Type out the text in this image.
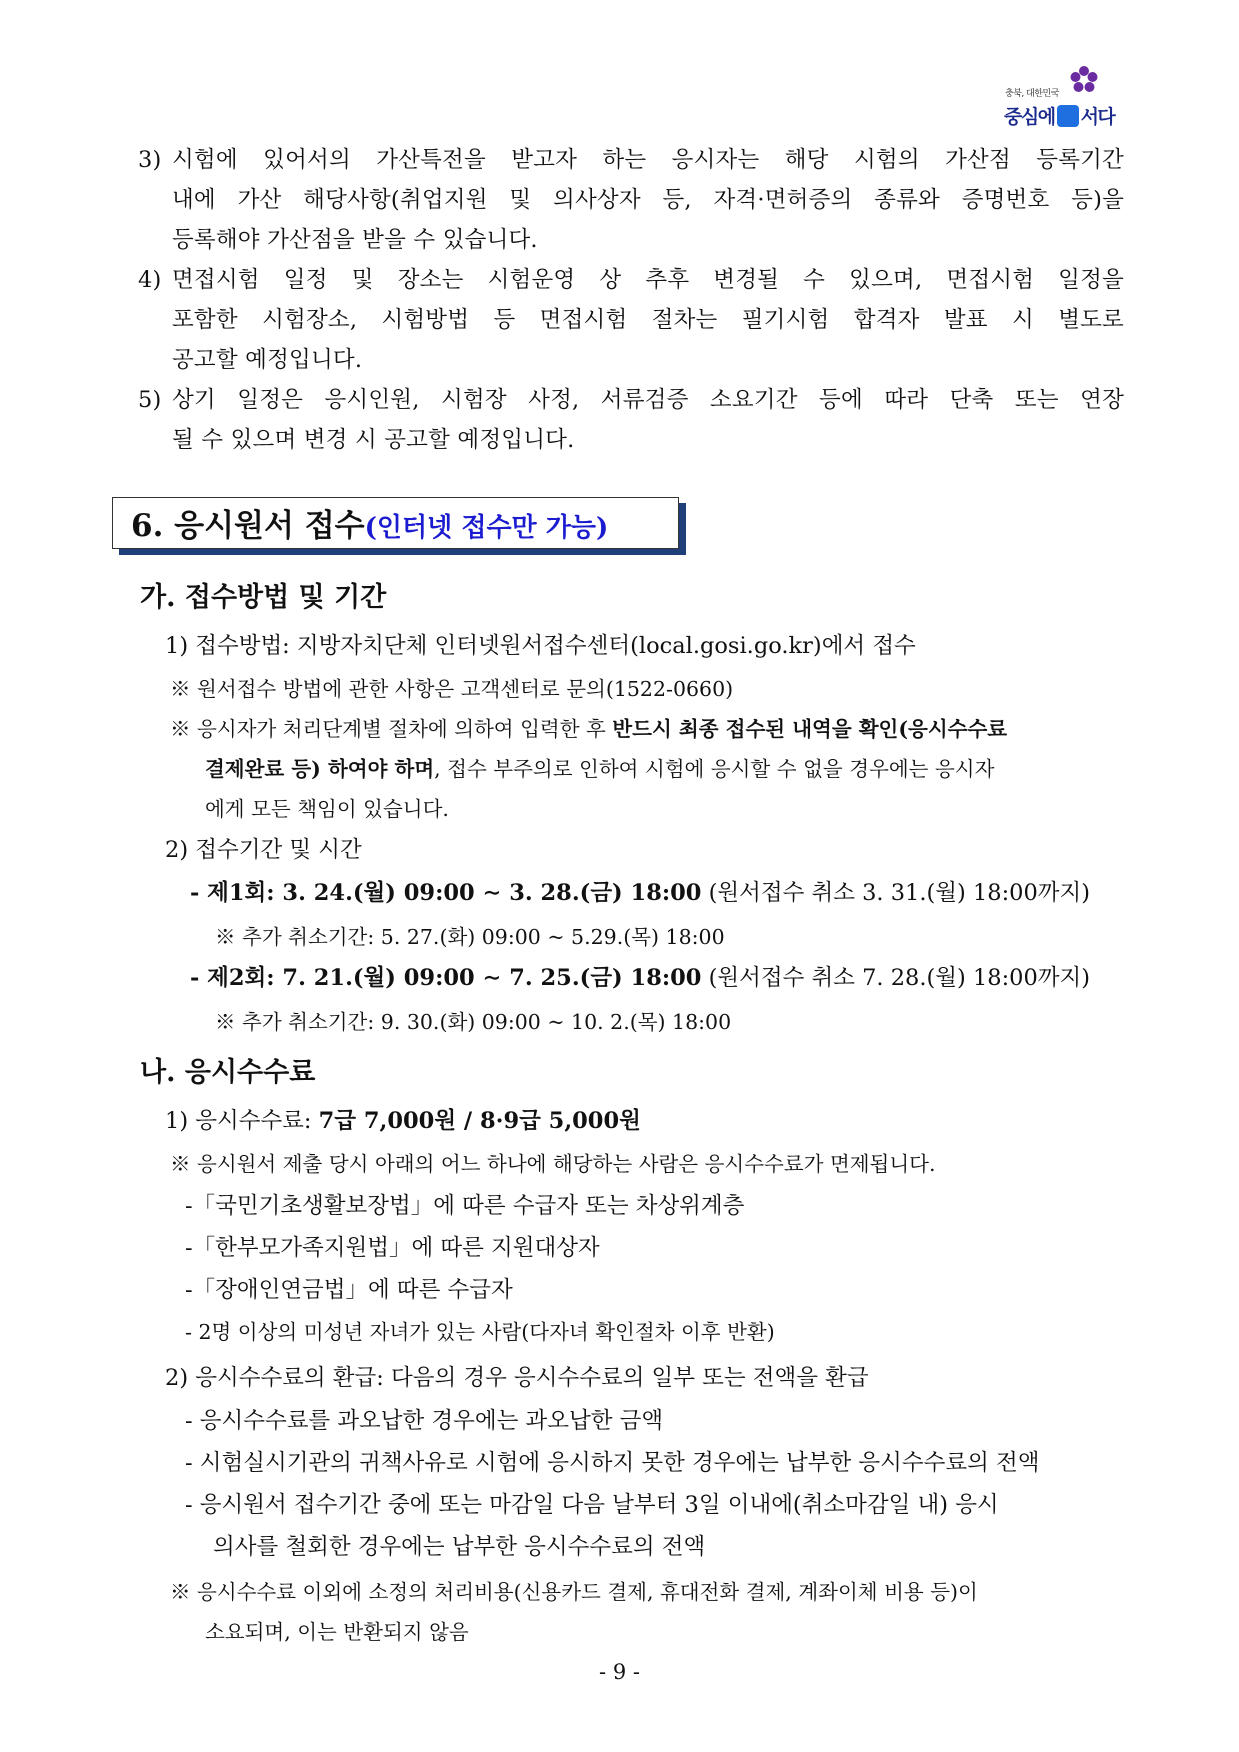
충북, 대한민국
중심에 서다
3) 시험에 있어서의 가산특전을 받고자 하는 응시자는 해당 시험의 가산점 등록기간
내에 가산 해당사항(취업지원 및 의사상자 등, 자격·면허증의 종류와 증명번호 등)을
등록해야 가산점을 받을 수 있습니다.
4) 면접시험 일정 및 장소는 시험운영 상 추후 변경될 수 있으며, 면접시험 일정을
포함한 시험장소, 시험방법 등 면접시험 절차는 필기시험 합격자 발표 시 별도로
공고할 예정입니다.
5) 상기 일정은 응시인원, 시험장 사정, 서류검증 소요기간 등에 따라 단축 또는 연장
될 수 있으며 변경 시 공고할 예정입니다.
6. 응시원서 접수(인터넷 접수만 가능)
가. 접수방법 및 기간
1) 접수방법: 지방자치단체 인터넷원서접수센터(local.gosi.go.kr)에서 접수
※ 원서접수 방법에 관한 사항은 고객센터로 문의(1522-0660)
※ 응시자가 처리단계별 절차에 의하여 입력한 후 반드시 최종 접수된 내역을 확인(응시수수료
결제완료 등) 하여야 하며, 접수 부주의로 인하여 시험에 응시할 수 없을 경우에는 응시자
에게 모든 책임이 있습니다.
2) 접수기간 및 시간
- 제1회: 3. 24.(월) 09:00 ∼ 3. 28.(금) 18:00 (원서접수 취소 3. 31.(월) 18:00까지)
※ 추가 취소기간: 5. 27.(화) 09:00 ~ 5.29.(목) 18:00
- 제2회: 7. 21.(월) 09:00 ∼ 7. 25.(금) 18:00 (원서접수 취소 7. 28.(월) 18:00까지)
※ 추가 취소기간: 9. 30.(화) 09:00 ~ 10. 2.(목) 18:00
나. 응시수수료
1) 응시수수료: 7급 7,000원 / 8·9급 5,000원
※ 응시원서 제출 당시 아래의 어느 하나에 해당하는 사람은 응시수수료가 면제됩니다.
-「국민기초생활보장법」에 따른 수급자 또는 차상위계층
-「한부모가족지원법」에 따른 지원대상자
-「장애인연금법」에 따른 수급자
- 2명 이상의 미성년 자녀가 있는 사람(다자녀 확인절차 이후 반환)
2) 응시수수료의 환급: 다음의 경우 응시수수료의 일부 또는 전액을 환급
- 응시수수료를 과오납한 경우에는 과오납한 금액
- 시험실시기관의 귀책사유로 시험에 응시하지 못한 경우에는 납부한 응시수수료의 전액
- 응시원서 접수기간 중에 또는 마감일 다음 날부터 3일 이내에(취소마감일 내) 응시
의사를 철회한 경우에는 납부한 응시수수료의 전액
※ 응시수수료 이외에 소정의 처리비용(신용카드 결제, 휴대전화 결제, 계좌이체 비용 등)이
소요되며, 이는 반환되지 않음
- 9 -
